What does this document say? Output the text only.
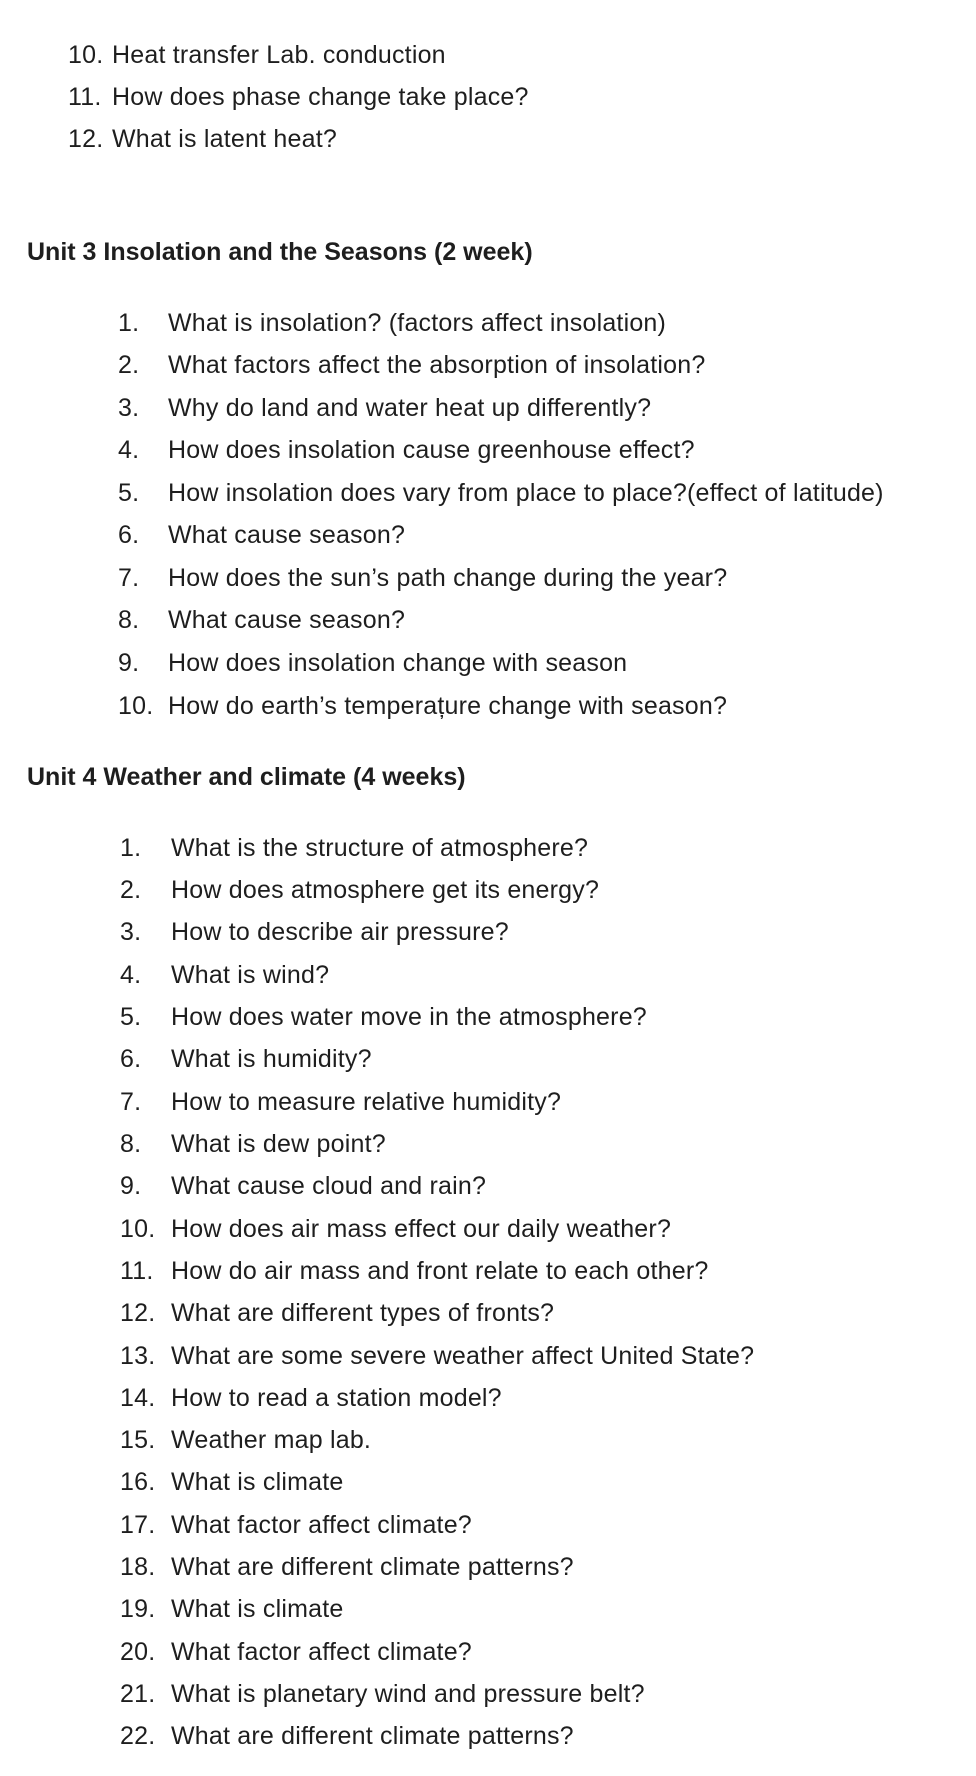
10. Heat transfer Lab. conduction
11. How does phase change take place?
12. What is latent heat?
Unit 3 Insolation and the Seasons (2 week)
1. What is insolation? (factors affect insolation)
2. What factors affect the absorption of insolation?
3. Why do land and water heat up differently?
4. How does insolation cause greenhouse effect?
5. How insolation does vary from place to place?(effect of latitude)
6. What cause season?
7. How does the sun’s path change during the year?
8. What cause season?
9. How does insolation change with season
10. How do earth’s temperațure change with season?
Unit 4 Weather and climate (4 weeks)
1. What is the structure of atmosphere?
2. How does atmosphere get its energy?
3. How to describe air pressure?
4. What is wind?
5. How does water move in the atmosphere?
6. What is humidity?
7. How to measure relative humidity?
8. What is dew point?
9. What cause cloud and rain?
10. How does air mass effect our daily weather?
11. How do air mass and front relate to each other?
12. What are different types of fronts?
13. What are some severe weather affect United State?
14. How to read a station model?
15. Weather map lab.
16. What is climate
17. What factor affect climate?
18. What are different climate patterns?
19. What is climate
20. What factor affect climate?
21. What is planetary wind and pressure belt?
22. What are different climate patterns?
